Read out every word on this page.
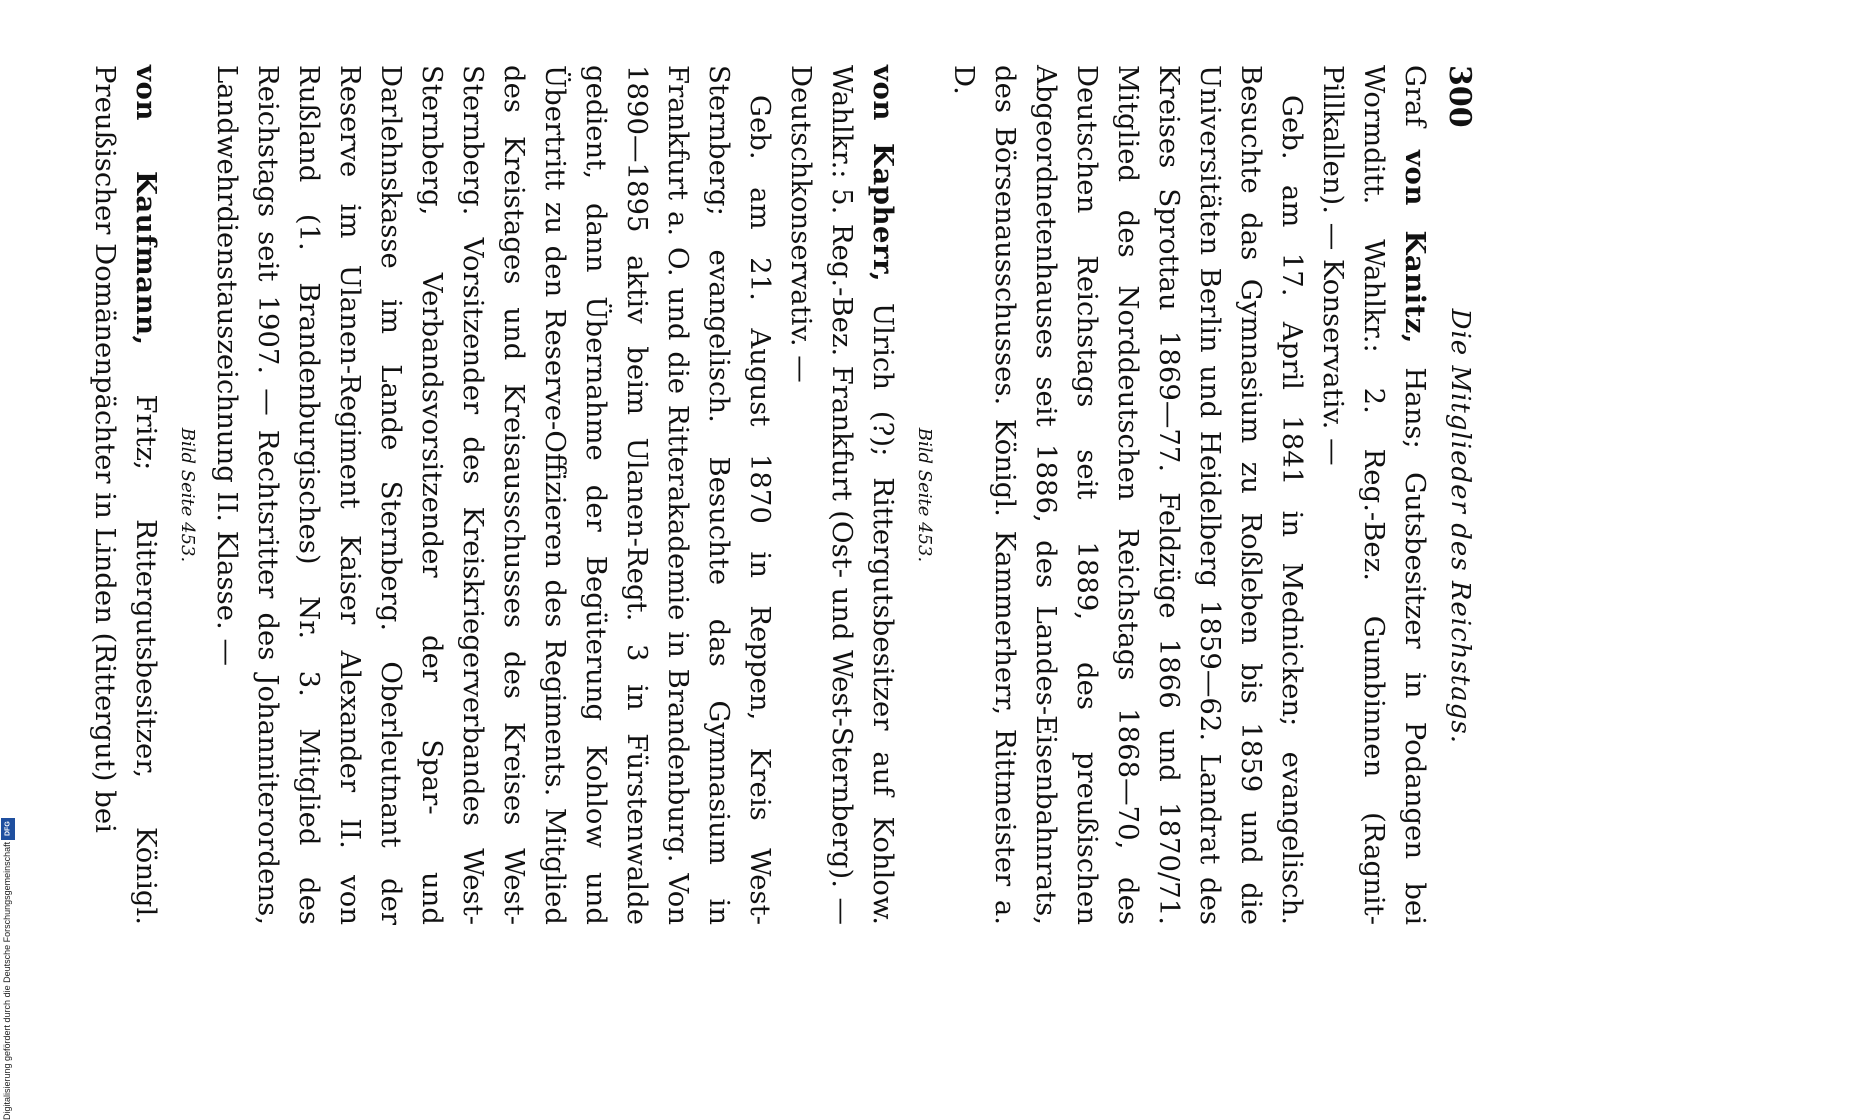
Digitalisierung gefördert durch die Deutsche Forschungsgemeinschaft
DFG
300
Die Mitglieder des Reichstags.

Graf von Kanitz, Hans; Gutsbesitzer in Podangen bei Wormditt. Wahlkr.: 2. Reg.-Bez. Gumbinnen (Ragnit-Pillkallen). — Konservativ. —

Geb. am 17. April 1841 in Mednicken; evangelisch. Besuchte das Gymnasium zu Roßleben bis 1859 und die Universitäten Berlin und Heidelberg 1859—62. Landrat des Kreises Sprottau 1869—77. Feldzüge 1866 und 1870/71. Mitglied des Norddeutschen Reichstags 1868—70, des Deutschen Reichstags seit 1889, des preußischen Abgeordnetenhauses seit 1886, des Landes-Eisenbahnrats, des Börsenausschusses. Königl. Kammerherr, Rittmeister a. D.

Bild Seite 453.

von Kapherr, Ulrich (?); Rittergutsbesitzer auf Kohlow. Wahlkr.: 5. Reg.-Bez. Frankfurt (Ost- und West-Sternberg). — Deutschkonservativ. —

Geb. am 21. August 1870 in Reppen, Kreis West-Sternberg; evangelisch. Besuchte das Gymnasium in Frankfurt a. O. und die Ritterakademie in Brandenburg. Von 1890—1895 aktiv beim Ulanen-Regt. 3 in Fürstenwalde gedient, dann Übernahme der Begüterung Kohlow und Übertritt zu den Reserve-Offizieren des Regiments. Mitglied des Kreistages und Kreisausschusses des Kreises West-Sternberg. Vorsitzender des Kreiskriegerverbandes West-Sternberg, Verbandsvorsitzender der Spar- und Darlehnskasse im Lande Sternberg. Oberleutnant der Reserve im Ulanen-Regiment Kaiser Alexander II. von Rußland (1. Brandenburgisches) Nr. 3. Mitglied des Reichstags seit 1907. — Rechtsritter des Johanniterordens, Landwehrdienstauszeichnung II. Klasse. —

Bild Seite 453.

von Kaufmann, Fritz; Rittergutsbesitzer, Königl. Preußischer Domänenpächter in Linden (Rittergut) bei
